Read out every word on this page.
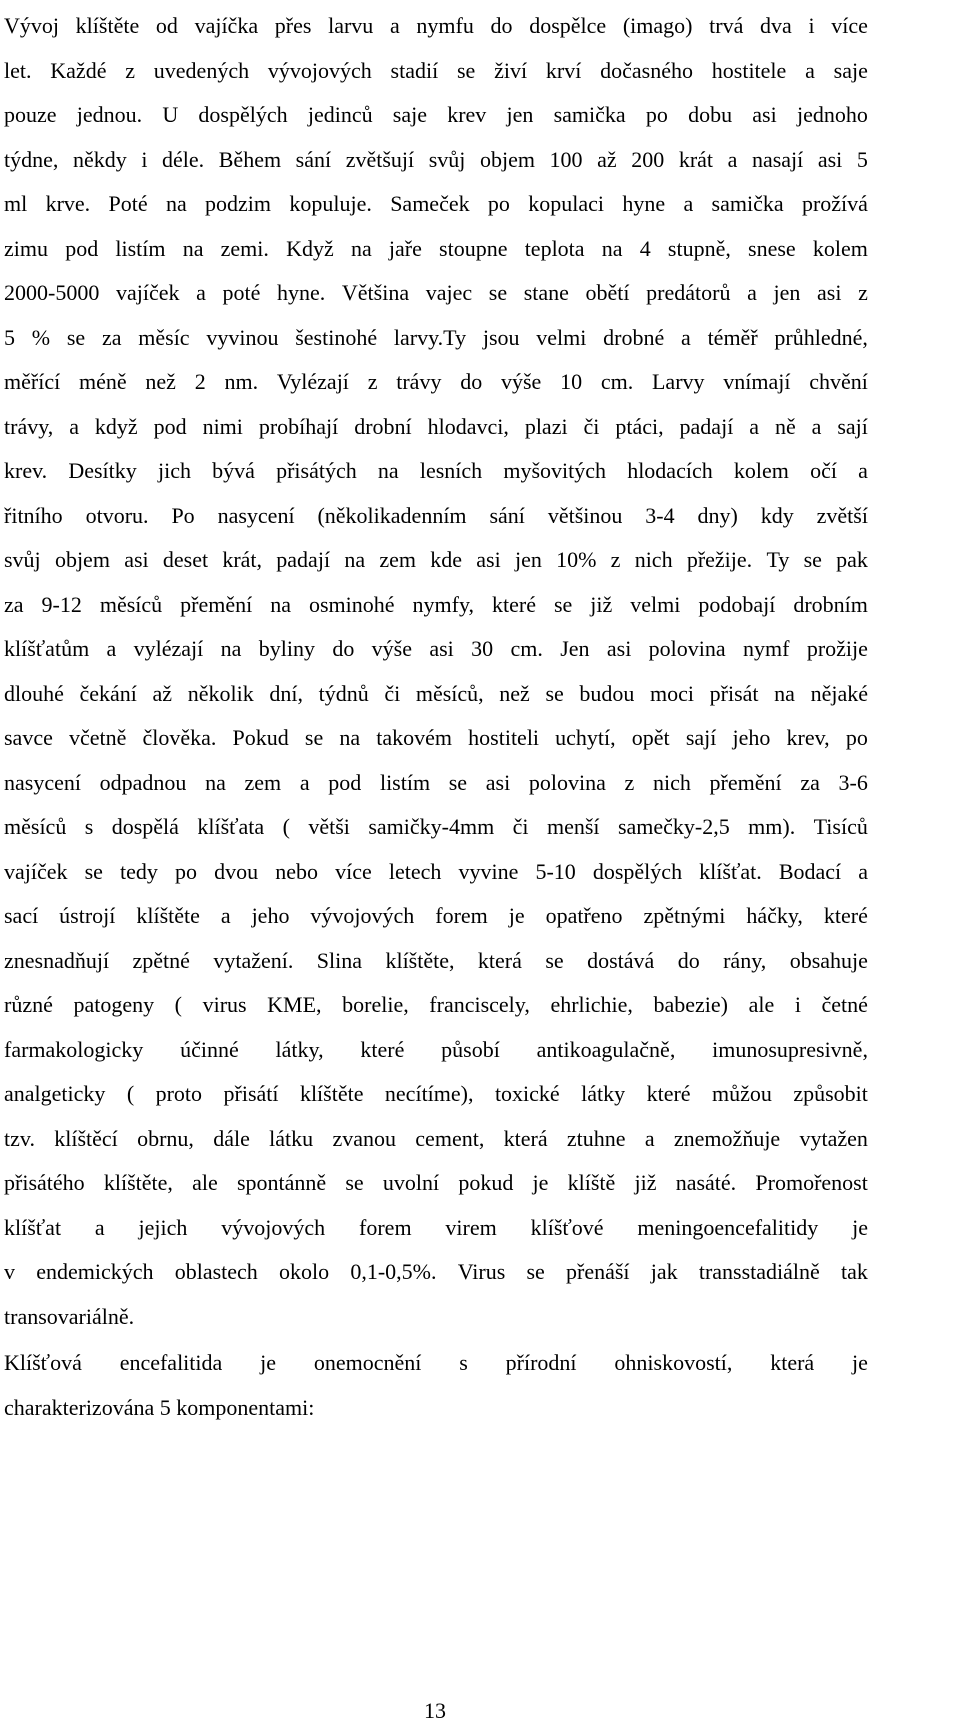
Vývoj klíštěte od vajíčka přes larvu a nymfu do dospělce (imago) trvá dva i více
let. Každé z uvedených vývojových stadií se živí krví dočasného hostitele a saje
pouze jednou. U dospělých jedinců saje krev jen samička po dobu asi jednoho
týdne, někdy i déle. Během sání zvětšují svůj objem 100 až 200 krát a nasají asi 5
ml krve. Poté na podzim kopuluje. Sameček po kopulaci hyne a samička prožívá
zimu pod listím na zemi. Když na jaře stoupne teplota na 4 stupně, snese kolem
2000-5000 vajíček a poté hyne. Většina vajec se stane obětí predátorů a jen asi z
5 % se za měsíc vyvinou šestinohé larvy.Ty jsou velmi drobné a téměř průhledné,
měřící méně než 2 nm. Vylézají z trávy do výše 10 cm. Larvy vnímají chvění
trávy, a když pod nimi probíhají drobní hlodavci, plazi či ptáci, padají a ně a sají
krev. Desítky jich bývá přisátých na lesních myšovitých hlodacích kolem očí a
řitního otvoru. Po nasycení (několikadenním sání většinou 3-4 dny) kdy zvětší
svůj objem asi deset krát, padají na zem kde asi jen 10% z nich přežije. Ty se pak
za 9-12 měsíců přemění na osminohé nymfy, které se již velmi podobají drobním
klíšťatům a vylézají na byliny do výše asi 30 cm. Jen asi polovina nymf prožije
dlouhé čekání až několik dní, týdnů či měsíců, než se budou moci přisát na nějaké
savce včetně člověka. Pokud se na takovém hostiteli uchytí, opět sají jeho krev, po
nasycení odpadnou na zem a pod listím se asi polovina z nich přemění za 3-6
měsíců s dospělá klíšťata ( větši samičky-4mm či menší samečky-2,5 mm). Tisíců
vajíček se tedy po dvou nebo více letech vyvine 5-10 dospělých klíšťat. Bodací a
sací ústrojí klíštěte a jeho vývojových forem je opatřeno zpětnými háčky, které
znesnadňují zpětné vytažení. Slina klíštěte, která se dostává do rány, obsahuje
různé patogeny ( virus KME, borelie, franciscely, ehrlichie, babezie) ale i četné
farmakologicky účinné látky, které působí antikoagulačně, imunosupresivně,
analgeticky ( proto přisátí klíštěte necítíme), toxické látky které můžou způsobit
tzv. klíštěcí obrnu, dále látku zvanou cement, která ztuhne a znemožňuje vytažen
přisátého klíštěte, ale spontánně se uvolní pokud je klíště již nasáté. Promořenost
klíšťat a jejich vývojových forem virem klíšťové meningoencefalitidy je
v endemických oblastech okolo 0,1-0,5%. Virus se přenáší jak transstadiálně tak
transovariálně.
Klíšťová encefalitida je onemocnění s přírodní ohniskovostí, která je
charakterizována 5 komponentami:
13
